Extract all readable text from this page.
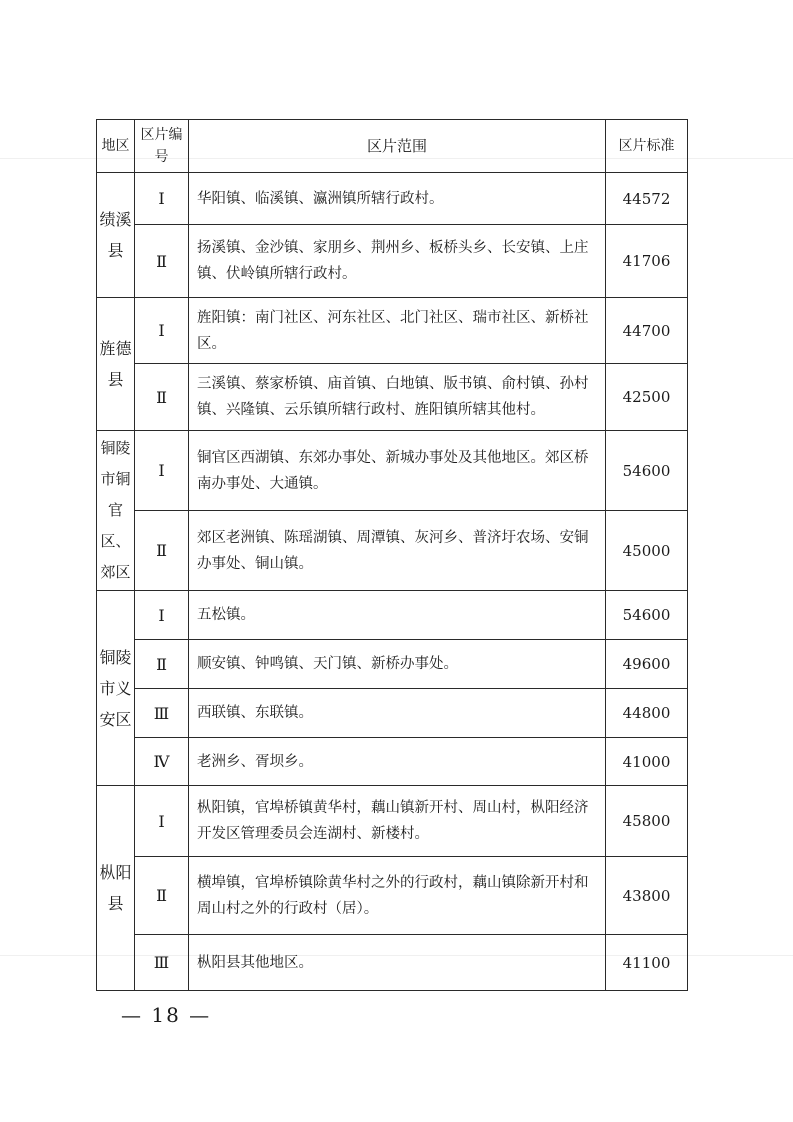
地区	区片编号	区片范围	区片标准
绩溪县	Ⅰ	华阳镇、临溪镇、瀛洲镇所辖行政村。	44572
	Ⅱ	扬溪镇、金沙镇、家朋乡、荆州乡、板桥头乡、长安镇、上庄镇、伏岭镇所辖行政村。	41706
旌德县	Ⅰ	旌阳镇：南门社区、河东社区、北门社区、瑞市社区、新桥社区。	44700
	Ⅱ	三溪镇、蔡家桥镇、庙首镇、白地镇、版书镇、俞村镇、孙村镇、兴隆镇、云乐镇所辖行政村、旌阳镇所辖其他村。	42500
铜陵市铜官区、郊区	Ⅰ	铜官区西湖镇、东郊办事处、新城办事处及其他地区。郊区桥南办事处、大通镇。	54600
	Ⅱ	郊区老洲镇、陈瑶湖镇、周潭镇、灰河乡、普济圩农场、安铜办事处、铜山镇。	45000
铜陵市义安区	Ⅰ	五松镇。	54600
	Ⅱ	顺安镇、钟鸣镇、天门镇、新桥办事处。	49600
	Ⅲ	西联镇、东联镇。	44800
	Ⅳ	老洲乡、胥坝乡。	41000
枞阳县	Ⅰ	枞阳镇，官埠桥镇黄华村，藕山镇新开村、周山村，枞阳经济开发区管理委员会连湖村、新楼村。	45800
	Ⅱ	横埠镇，官埠桥镇除黄华村之外的行政村，藕山镇除新开村和周山村之外的行政村（居）。	43800
	Ⅲ	枞阳县其他地区。	41100
— 18 —
